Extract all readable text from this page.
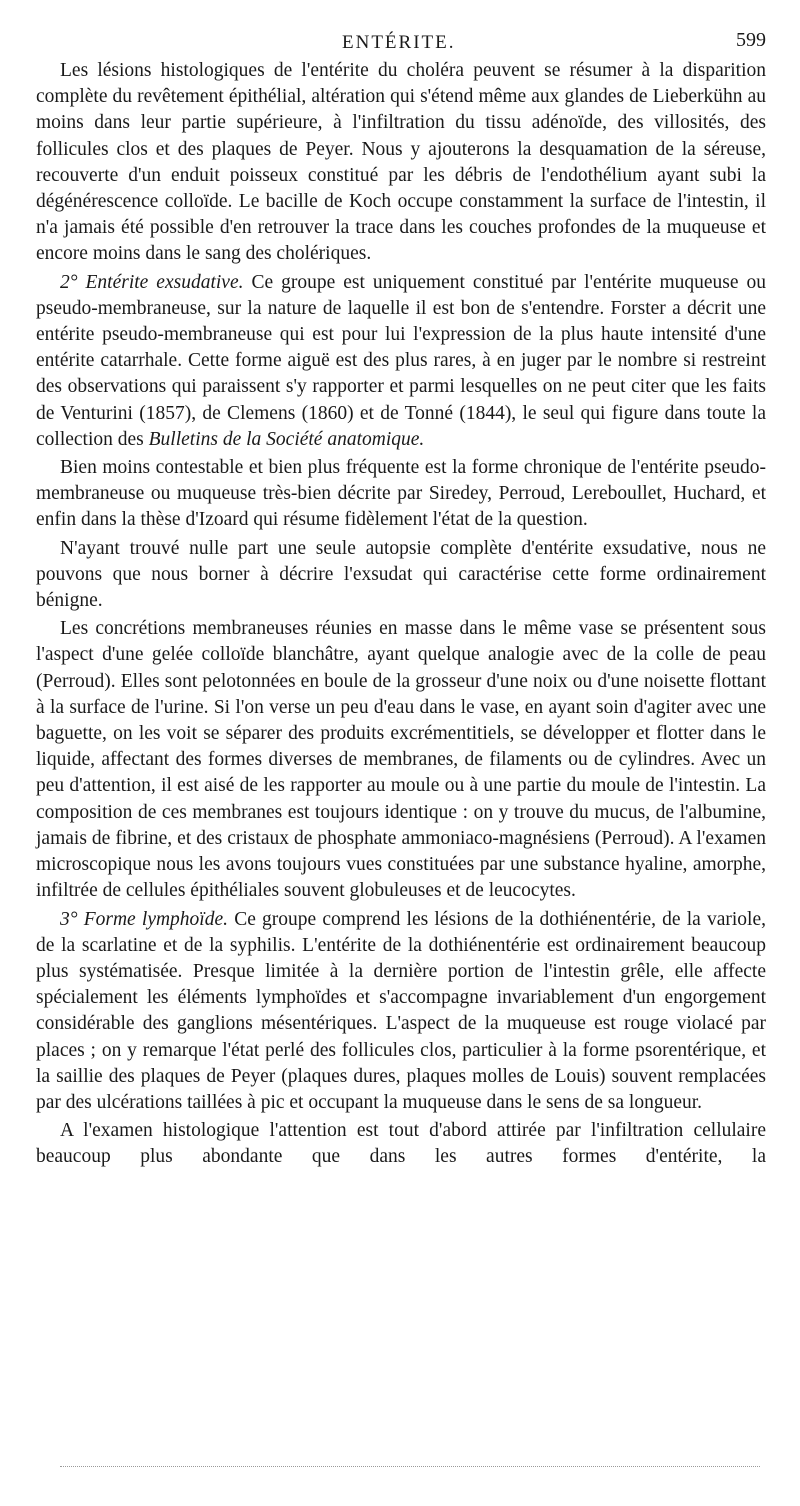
ENTÉRITE.	599

Les lésions histologiques de l'entérite du choléra peuvent se résumer à la disparition complète du revêtement épithélial, altération qui s'étend même aux glandes de Lieberkühn au moins dans leur partie supérieure, à l'infiltration du tissu adénoïde, des villosités, des follicules clos et des plaques de Peyer. Nous y ajouterons la desquamation de la séreuse, recouverte d'un enduit poisseux constitué par les débris de l'endothélium ayant subi la dégénérescence colloïde. Le bacille de Koch occupe constamment la surface de l'intestin, il n'a jamais été possible d'en retrouver la trace dans les couches profondes de la muqueuse et encore moins dans le sang des cholériques.

2° Entérite exsudative. Ce groupe est uniquement constitué par l'entérite muqueuse ou pseudo-membraneuse, sur la nature de laquelle il est bon de s'entendre. Forster a décrit une entérite pseudo-membraneuse qui est pour lui l'expression de la plus haute intensité d'une entérite catarrhale. Cette forme aiguë est des plus rares, à en juger par le nombre si restreint des observations qui paraissent s'y rapporter et parmi lesquelles on ne peut citer que les faits de Venturini (1857), de Clemens (1860) et de Tonné (1844), le seul qui figure dans toute la collection des Bulletins de la Société anatomique.

Bien moins contestable et bien plus fréquente est la forme chronique de l'entérite pseudo-membraneuse ou muqueuse très-bien décrite par Siredey, Perroud, Lereboullet, Huchard, et enfin dans la thèse d'Izoard qui résume fidèlement l'état de la question.

N'ayant trouvé nulle part une seule autopsie complète d'entérite exsudative, nous ne pouvons que nous borner à décrire l'exsudat qui caractérise cette forme ordinairement bénigne.

Les concrétions membraneuses réunies en masse dans le même vase se présentent sous l'aspect d'une gelée colloïde blanchâtre, ayant quelque analogie avec de la colle de peau (Perroud). Elles sont pelotonnées en boule de la grosseur d'une noix ou d'une noisette flottant à la surface de l'urine. Si l'on verse un peu d'eau dans le vase, en ayant soin d'agiter avec une baguette, on les voit se séparer des produits excrémentitiels, se développer et flotter dans le liquide, affectant des formes diverses de membranes, de filaments ou de cylindres. Avec un peu d'attention, il est aisé de les rapporter au moule ou à une partie du moule de l'intestin. La composition de ces membranes est toujours identique : on y trouve du mucus, de l'albumine, jamais de fibrine, et des cristaux de phosphate ammoniaco-magnésiens (Perroud). A l'examen microscopique nous les avons toujours vues constituées par une substance hyaline, amorphe, infiltrée de cellules épithéliales souvent globuleuses et de leucocytes.

3° Forme lymphoïde. Ce groupe comprend les lésions de la dothiénentérie, de la variole, de la scarlatine et de la syphilis. L'entérite de la dothiénentérie est ordinairement beaucoup plus systématisée. Presque limitée à la dernière portion de l'intestin grêle, elle affecte spécialement les éléments lymphoïdes et s'accompagne invariablement d'un engorgement considérable des ganglions mésentériques. L'aspect de la muqueuse est rouge violacé par places ; on y remarque l'état perlé des follicules clos, particulier à la forme psorentérique, et la saillie des plaques de Peyer (plaques dures, plaques molles de Louis) souvent remplacées par des ulcérations taillées à pic et occupant la muqueuse dans le sens de sa longueur.

A l'examen histologique l'attention est tout d'abord attirée par l'infiltration cellulaire beaucoup plus abondante que dans les autres formes d'entérite, la
